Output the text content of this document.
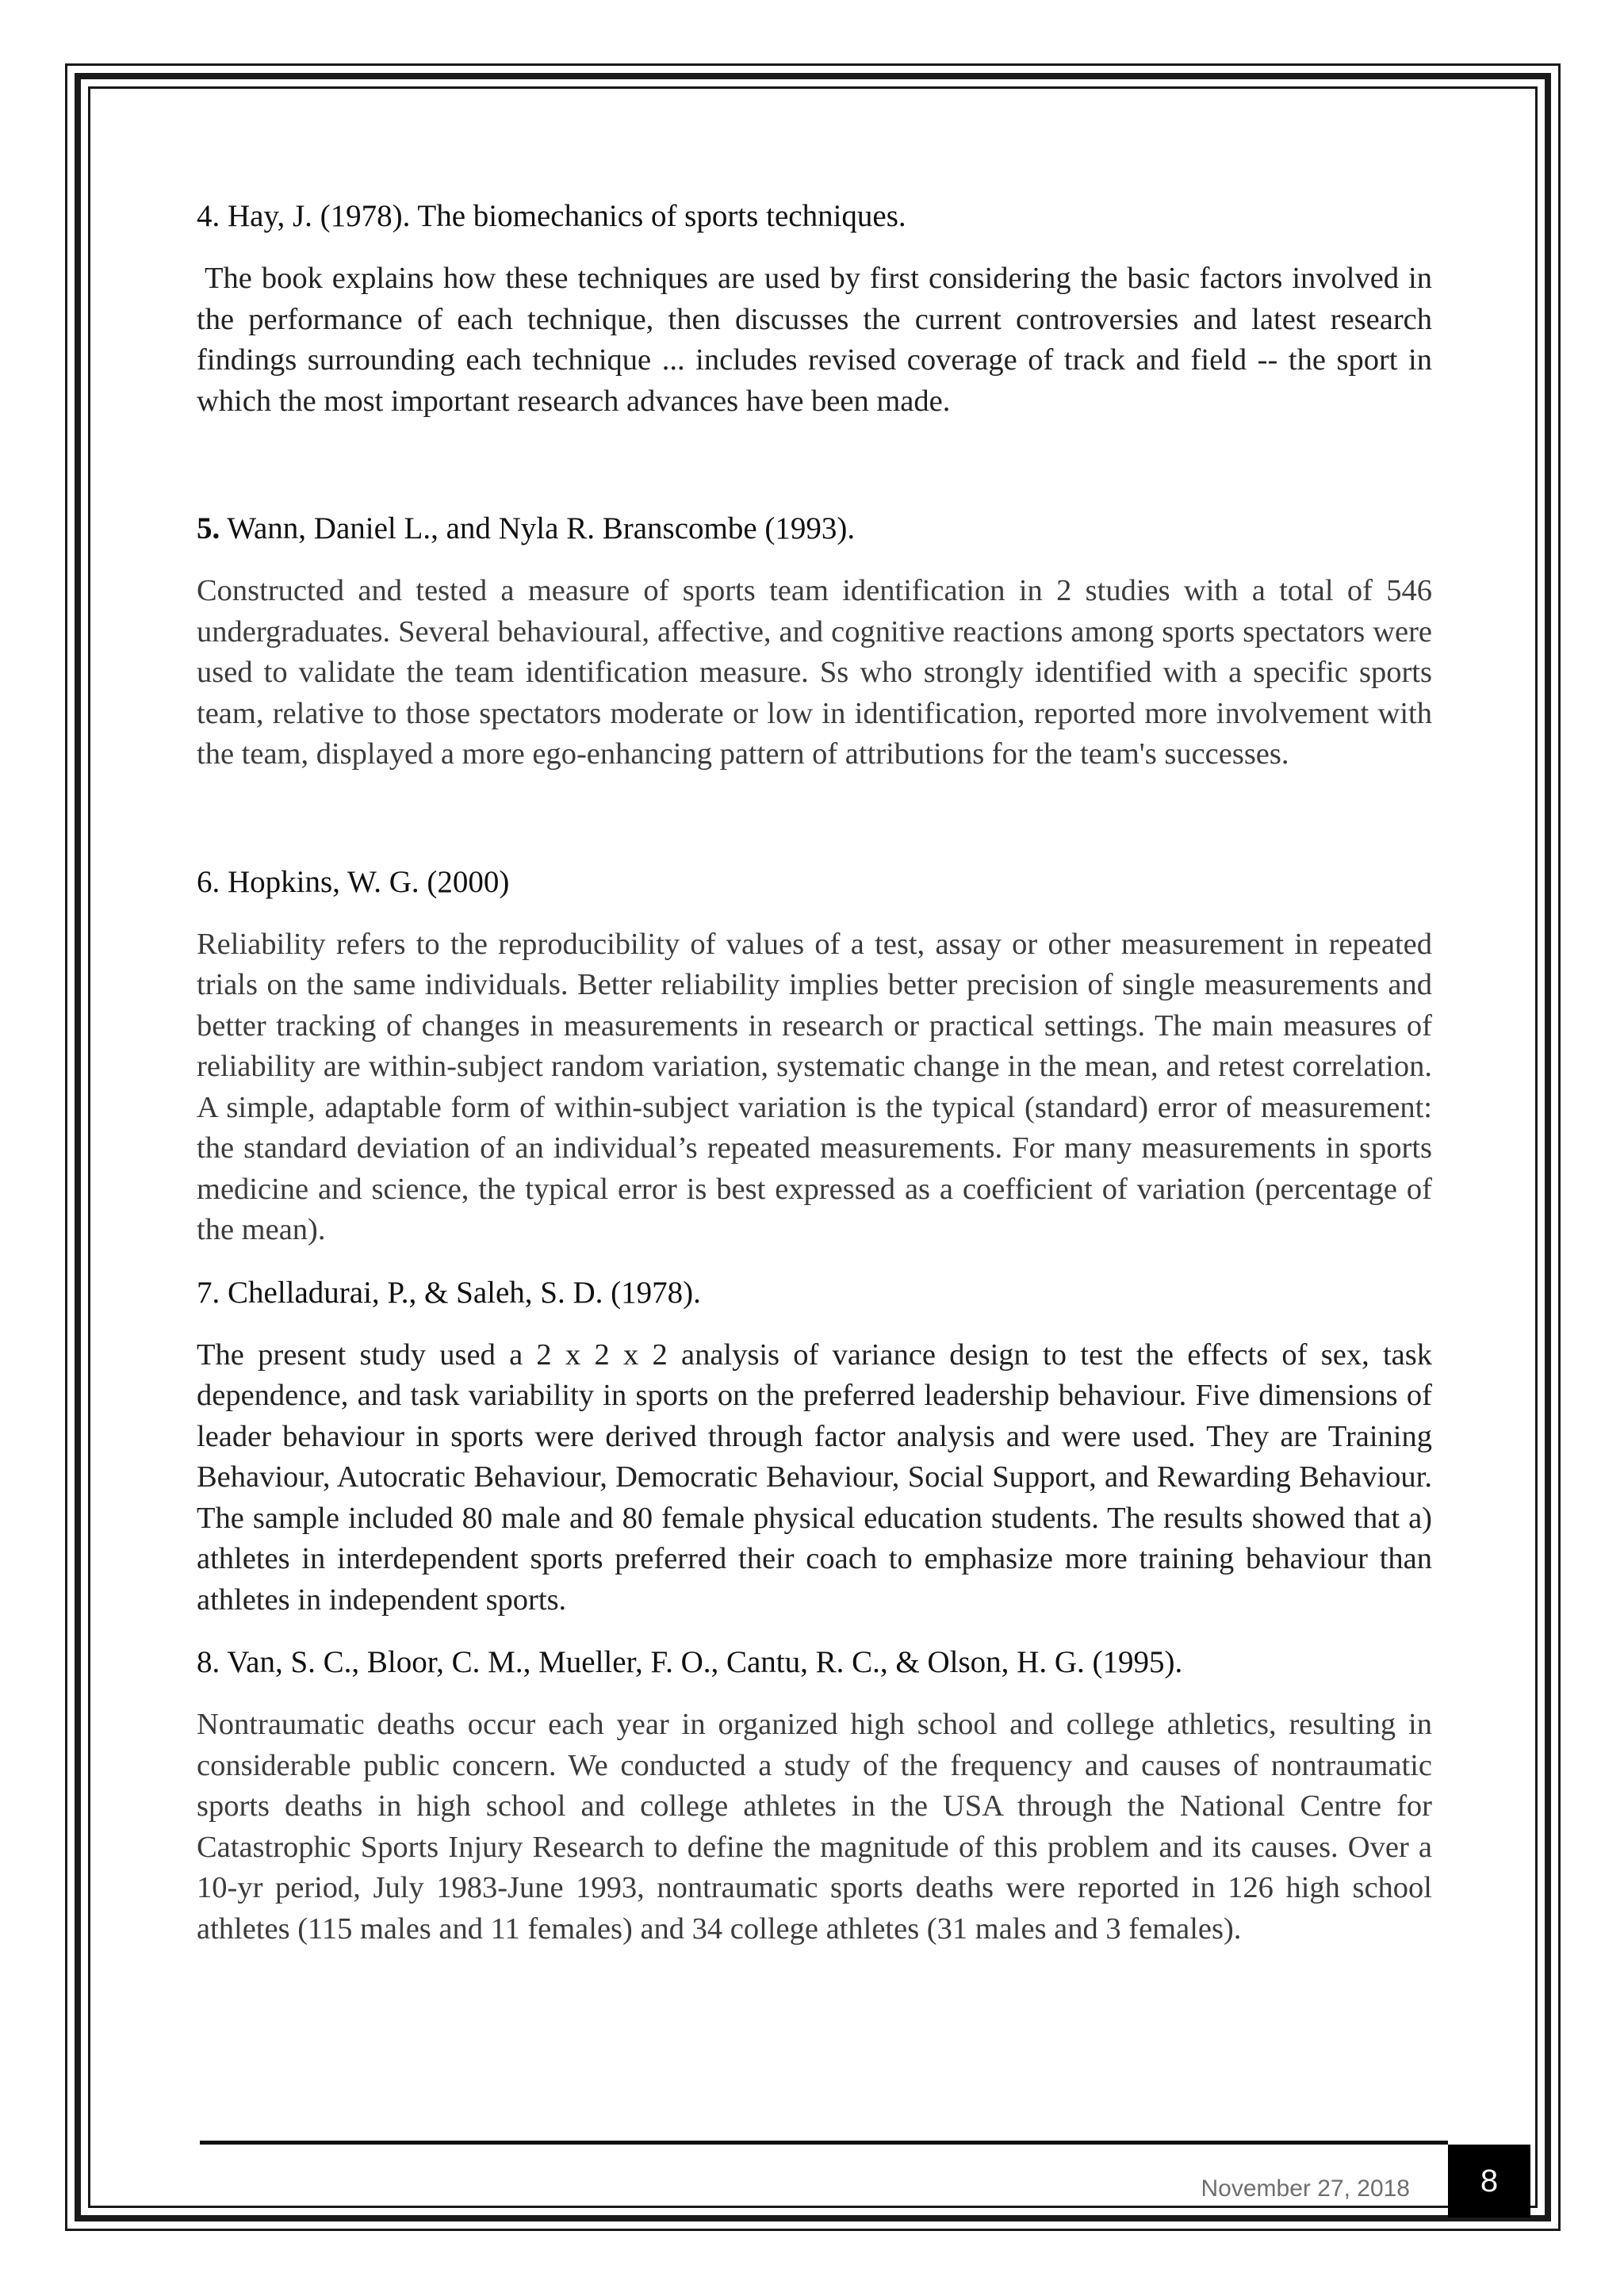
4. Hay, J. (1978). The biomechanics of sports techniques.

The book explains how these techniques are used by first considering the basic factors involved in the performance of each technique, then discusses the current controversies and latest research findings surrounding each technique ... includes revised coverage of track and field -- the sport in which the most important research advances have been made.

5. Wann, Daniel L., and Nyla R. Branscombe (1993).

Constructed and tested a measure of sports team identification in 2 studies with a total of 546 undergraduates. Several behavioural, affective, and cognitive reactions among sports spectators were used to validate the team identification measure. Ss who strongly identified with a specific sports team, relative to those spectators moderate or low in identification, reported more involvement with the team, displayed a more ego-enhancing pattern of attributions for the team's successes.

6. Hopkins, W. G. (2000)

Reliability refers to the reproducibility of values of a test, assay or other measurement in repeated trials on the same individuals. Better reliability implies better precision of single measurements and better tracking of changes in measurements in research or practical settings. The main measures of reliability are within-subject random variation, systematic change in the mean, and retest correlation. A simple, adaptable form of within-subject variation is the typical (standard) error of measurement: the standard deviation of an individual’s repeated measurements. For many measurements in sports medicine and science, the typical error is best expressed as a coefficient of variation (percentage of the mean).

7. Chelladurai, P., & Saleh, S. D. (1978).

The present study used a 2 x 2 x 2 analysis of variance design to test the effects of sex, task dependence, and task variability in sports on the preferred leadership behaviour. Five dimensions of leader behaviour in sports were derived through factor analysis and were used. They are Training Behaviour, Autocratic Behaviour, Democratic Behaviour, Social Support, and Rewarding Behaviour. The sample included 80 male and 80 female physical education students. The results showed that a) athletes in interdependent sports preferred their coach to emphasize more training behaviour than athletes in independent sports.

8. Van, S. C., Bloor, C. M., Mueller, F. O., Cantu, R. C., & Olson, H. G. (1995).

Nontraumatic deaths occur each year in organized high school and college athletics, resulting in considerable public concern. We conducted a study of the frequency and causes of nontraumatic sports deaths in high school and college athletes in the USA through the National Centre for Catastrophic Sports Injury Research to define the magnitude of this problem and its causes. Over a 10-yr period, July 1983-June 1993, nontraumatic sports deaths were reported in 126 high school athletes (115 males and 11 females) and 34 college athletes (31 males and 3 females).

November 27, 2018	8
